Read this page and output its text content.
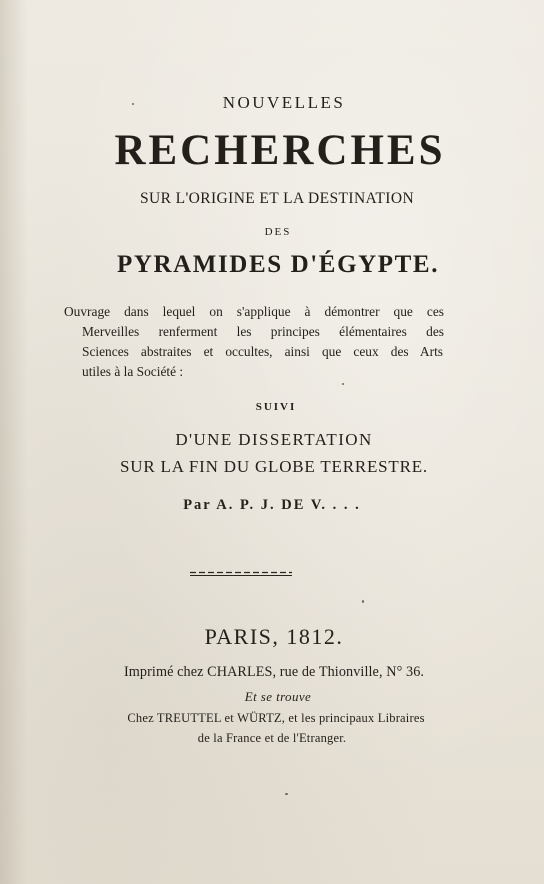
NOUVELLES
RECHERCHES
SUR L'ORIGINE ET LA DESTINATION
DES
PYRAMIDES D'ÉGYPTE.
Ouvrage dans lequel on s'applique à démontrer que ces
Merveilles renferment les principes élémentaires des
Sciences abstraites et occultes, ainsi que ceux des Arts
utiles à la Société :
SUIVI
D'UNE DISSERTATION
SUR LA FIN DU GLOBE TERRESTRE.
Par A. P. J. DE V. . . .
PARIS, 1812.
Imprimé chez CHARLES, rue de Thionville, N° 36.
Et se trouve
Chez TREUTTEL et WÜRTZ, et les principaux Libraires
de la France et de l'Etranger.
